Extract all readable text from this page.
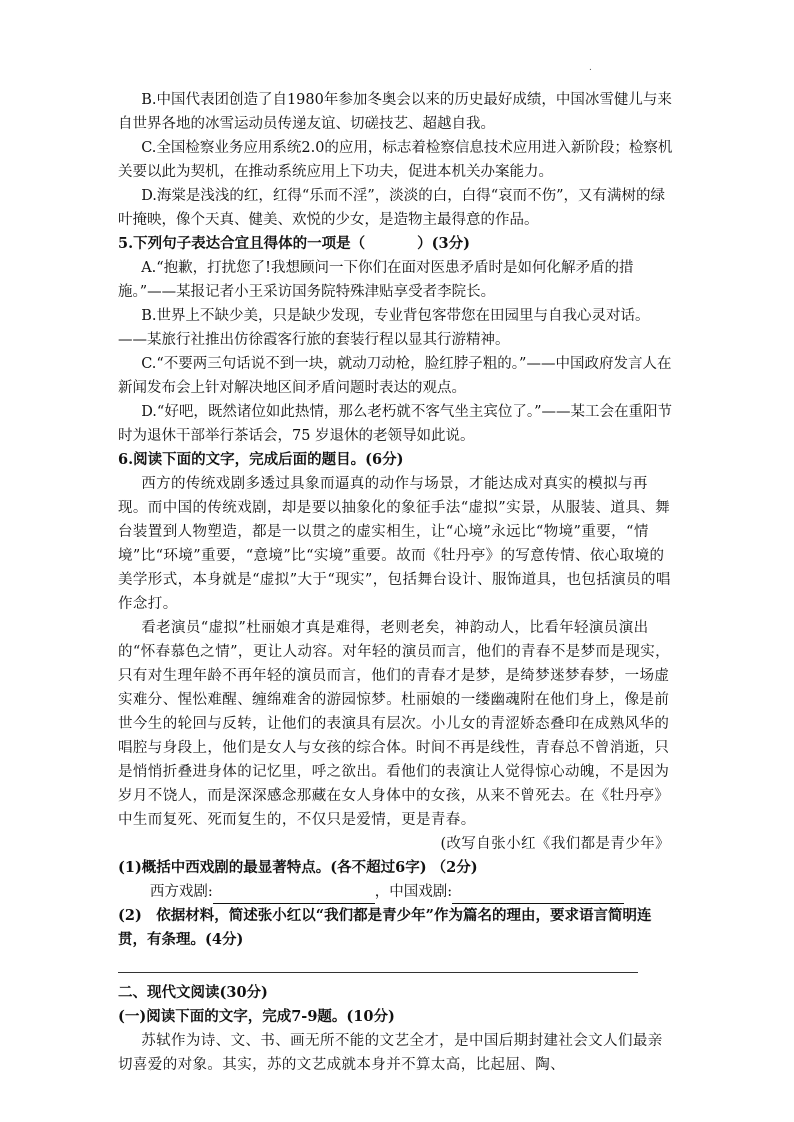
.

B.中国代表团创造了自1980年参加冬奥会以来的历史最好成绩，中国冰雪健儿与来自世界各地的冰雪运动员传递友谊、切磋技艺、超越自我。

C.全国检察业务应用系统2.0的应用，标志着检察信息技术应用进入新阶段；检察机关要以此为契机，在推动系统应用上下功夫，促进本机关办案能力。

D.海棠是浅浅的红，红得“乐而不淫”，淡淡的白，白得“哀而不伤”，又有满树的绿叶掩映，像个天真、健美、欢悦的少女，是造物主最得意的作品。

5.下列句子表达合宜且得体的一项是（	）(3分)

A.“抱歉，打扰您了!我想顾问一下你们在面对医患矛盾时是如何化解矛盾的措施。”——某报记者小王采访国务院特殊津贴享受者李院长。

B.世界上不缺少美，只是缺少发现，专业背包客带您在田园里与自我心灵对话。——某旅行社推出仿徐霞客行旅的套装行程以显其行游精神。

C.“不要两三句话说不到一块，就动刀动枪，脸红脖子粗的。”——中国政府发言人在新闻发布会上针对解决地区间矛盾问题时表达的观点。

D.“好吧，既然诸位如此热情，那么老朽就不客气坐主宾位了。”——某工会在重阳节时为退休干部举行茶话会，75 岁退休的老领导如此说。

6.阅读下面的文字，完成后面的题目。(6分)

西方的传统戏剧多透过具象而逼真的动作与场景，才能达成对真实的模拟与再现。而中国的传统戏剧，却是要以抽象化的象征手法“虚拟”实景，从服装、道具、舞台装置到人物塑造，都是一以贯之的虚实相生，让“心境”永远比“物境”重要，“情境”比“环境”重要，“意境”比“实境”重要。故而《牡丹亭》的写意传情、依心取境的美学形式，本身就是“虚拟”大于“现实”，包括舞台设计、服饰道具，也包括演员的唱作念打。

看老演员“虚拟”杜丽娘才真是难得，老则老矣，神韵动人，比看年轻演员演出的“怀春慕色之情”，更让人动容。对年轻的演员而言，他们的青春不是梦而是现实，只有对生理年龄不再年轻的演员而言，他们的青春才是梦，是绮梦迷梦春梦，一场虚实难分、惺忪难醒、缠绵难舍的游园惊梦。杜丽娘的一缕幽魂附在他们身上，像是前世今生的轮回与反转，让他们的表演具有层次。小儿女的青涩娇态叠印在成熟风华的唱腔与身段上，他们是女人与女孩的综合体。时间不再是线性，青春总不曾消逝，只是悄悄折叠进身体的记忆里，呼之欲出。看他们的表演让人觉得惊心动魄，不是因为岁月不饶人，而是深深感念那藏在女人身体中的女孩，从来不曾死去。在《牡丹亭》中生而复死、死而复生的，不仅只是爱情，更是青春。

(改写自张小红《我们都是青少年》

(1)概括中西戏剧的最显著特点。(各不超过6字) （2分)

西方戏剧:	，中国戏剧:

(2)　依据材料，简述张小红以“我们都是青少年”作为篇名的理由，要求语言简明连贯，有条理。(4分)

二、现代文阅读(30分)

(一)阅读下面的文字，完成7-9题。(10分)

苏轼作为诗、文、书、画无所不能的文艺全才，是中国后期封建社会文人们最亲切喜爱的对象。其实，苏的文艺成就本身并不算太高，比起屈、陶、
